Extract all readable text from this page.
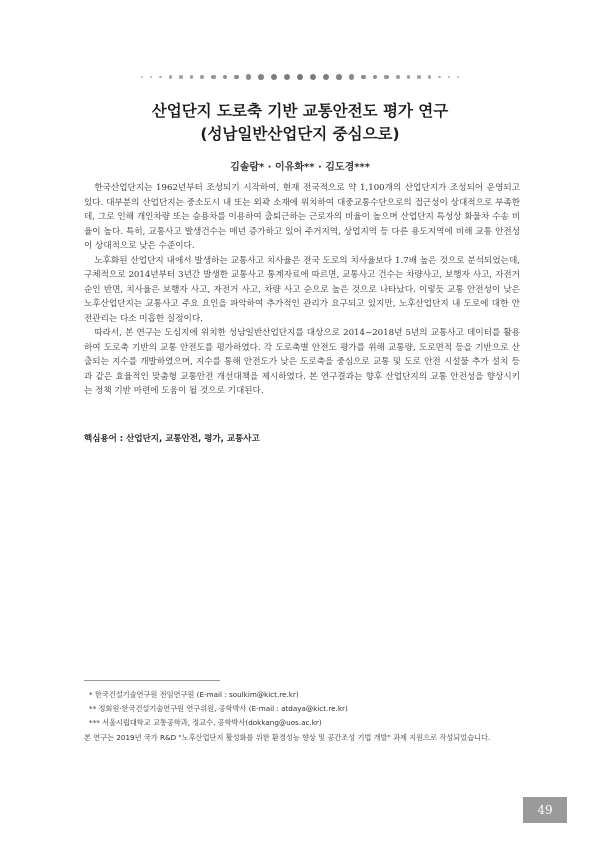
산업단지 도로축 기반 교통안전도 평가 연구
(성남일반산업단지 중심으로)
김솔람* · 이유화** · 김도경***

한국산업단지는 1962년부터 조성되기 시작하여, 현재 전국적으로 약 1,100개의 산업단지가 조성되어 운영되고 있다. 대부분의 산업단지는 중소도시 내 또는 외곽 소재에 위치하여 대중교통수단으로의 접근성이 상대적으로 부족한데, 그로 인해 개인차량 또는 승용차를 이용하여 출퇴근하는 근로자의 비율이 높으며 산업단지 특성상 화물차 수송 비율이 높다. 특히, 교통사고 발생건수는 매년 증가하고 있어 주거지역, 상업지역 등 다른 용도지역에 비해 교통 안전성이 상대적으로 낮은 수준이다.

노후화된 산업단지 내에서 발생하는 교통사고 치사율은 전국 도로의 치사율보다 1.7배 높은 것으로 분석되었는데, 구체적으로 2014년부터 3년간 발생한 교통사고 통계자료에 따르면, 교통사고 건수는 차량사고, 보행자 사고, 자전거 순인 반면, 치사율은 보행자 사고, 자전거 사고, 차량 사고 순으로 높은 것으로 나타났다. 이렇듯 교통 안전성이 낮은 노후산업단지는 교통사고 주요 요인을 파악하여 추가적인 관리가 요구되고 있지만, 노후산업단지 내 도로에 대한 안전관리는 다소 미흡한 실정이다.

따라서, 본 연구는 도심지에 위치한 성남일반산업단지를 대상으로 2014~2018년 5년의 교통사고 데이터를 활용하여 도로축 기반의 교통 안전도를 평가하였다. 각 도로축별 안전도 평가를 위해 교통량, 도로면적 등을 기반으로 산출되는 지수를 개발하였으며, 지수를 통해 안전도가 낮은 도로축을 중심으로 교통 및 도로 안전 시설물 추가 설치 등과 같은 효율적인 맞춤형 교통안전 개선대책을 제시하였다. 본 연구결과는 향후 산업단지의 교통 안전성을 향상시키는 정책 기반 마련에 도움이 될 것으로 기대된다.

핵심용어 : 산업단지, 교통안전, 평가, 교통사고
* 한국건설기술연구원 전임연구원 (E-mail : soulkim@kict.re.kr)
** 정회원·한국건설기술연구원 연구위원, 공학박사 (E-mail : atdaya@kict.re.kr)
*** 서울시립대학교 교통공학과, 정교수, 공학박사(dokkang@uos.ac.kr)
본 연구는 2019년 국가 R&D "노후산업단지 활성화를 위한 환경성능 향상 및 공간조성 기법 개발" 과제 지원으로 작성되었습니다.
49
